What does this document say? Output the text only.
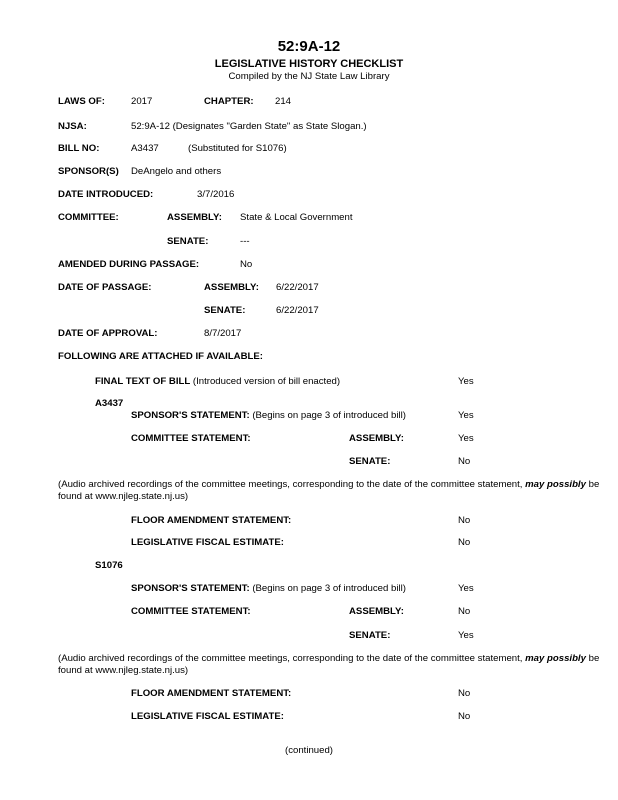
52:9A-12
LEGISLATIVE HISTORY CHECKLIST
Compiled by the NJ State Law Library
LAWS OF:	2017	CHAPTER: 214
NJSA:	52:9A-12 (Designates "Garden State" as State Slogan.)
BILL NO:	A3437	(Substituted for S1076)
SPONSOR(S) DeAngelo and others
DATE INTRODUCED:	3/7/2016
COMMITTEE:	ASSEMBLY: State & Local Government
SENATE:	---
AMENDED DURING PASSAGE:	No
DATE OF PASSAGE:	ASSEMBLY: 6/22/2017
SENATE:	6/22/2017
DATE OF APPROVAL:	8/7/2017
FOLLOWING ARE ATTACHED IF AVAILABLE:
FINAL TEXT OF BILL (Introduced version of bill enacted)	Yes
A3437
SPONSOR'S STATEMENT: (Begins on page 3 of introduced bill)	Yes
COMMITTEE STATEMENT:	ASSEMBLY:	Yes
SENATE:	No
(Audio archived recordings of the committee meetings, corresponding to the date of the committee statement, may possibly be found at www.njleg.state.nj.us)
FLOOR AMENDMENT STATEMENT:	No
LEGISLATIVE FISCAL ESTIMATE:	No
S1076
SPONSOR'S STATEMENT: (Begins on page 3 of introduced bill)	Yes
COMMITTEE STATEMENT:	ASSEMBLY:	No
SENATE:	Yes
(Audio archived recordings of the committee meetings, corresponding to the date of the committee statement, may possibly be found at www.njleg.state.nj.us)
FLOOR AMENDMENT STATEMENT:	No
LEGISLATIVE FISCAL ESTIMATE:	No
(continued)
